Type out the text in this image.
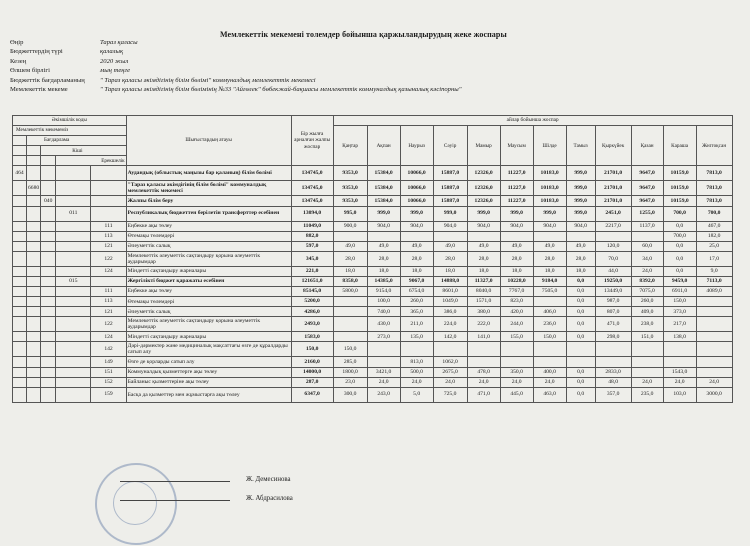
Мемлекеттік мекемені толемдер бойынша қаржыландырудың жеке жоспары
Өңір	Тараз қаласы
Бюджеттердің түрі	қалалық
Кезең	2020 жыл
Өлшем бірлігі	мың теңге
Бюджеттік бағдарламаның	" Тараз қаласы әкімдігінің білім бөлімі" коммуналдық мемлекеттік мекемесі
Мемлекеттік мекеме	" Тараз қаласы әкімдігінің білім бөлімінің №33 "Айгөлек" бөбекжай-бақшасы мемлекеттік коммуналдық қазыналық кәсіпорны"
Әкімшілік коды					Шығыстардың атауы	Бір жылға арналған жалпы жоспар	айлар бойынша жоспар											
Мемлекеттік мекемеміз							Қаңтар	Ақпан	Наурыз	Сәуір	Мамыр	Маусым	Шілде	Тамыз	Қыркүйек	Қазан	Караша	Желтоқсан
	Бағдарлама																	
		Кіші																
			Ерекшелік															
464					Аудандық (облыстық маңызы бар қаланың) білім бөлімі	134745,0	9353,0	15384,0	10066,0	15887,0	12326,0	11227,0	10183,0	999,0	21701,0	9647,0	10159,0	7813,0
	6680				"Тараз қаласы әкімдігінің білім бөлімі" коммуналдық мемлекеттік мекемесі	134745,0	9353,0	15384,0	10066,0	15887,0	12326,0	11227,0	10183,0	999,0	21701,0	9647,0	10159,0	7813,0
		040			Жалпы білім беру	134745,0	9353,0	15384,0	10066,0	15887,0	12326,0	11227,0	10183,0	999,0	21701,0	9647,0	10159,0	7813,0
			011		Республикалық бюджеттен берілетін трансферттер есебінен	13094,0	995,0	999,0	999,0	999,0	999,0	999,0	999,0	999,0	2451,0	1255,0	700,0	700,0
				111	Еңбекке ақы төлеу	11049,0	900,0	904,0	904,0	904,0	904,0	904,0	904,0	904,0	2217,0	1137,0	0,0	467,0
				113	Өтемақы төлемдері	882,0											700,0	182,0
				121	Әлеуметтік салық	597,0	49,0	49,0	49,0	49,0	49,0	49,0	49,0	49,0	120,0	60,0	0,0	25,0
				122	Мемлекеттік әлеуметтік сақтандыру қорына әлеуметтік аударымдар	345,0	28,0	28,0	28,0	28,0	28,0	28,0	28,0	28,0	70,0	34,0	0,0	17,0
				124	Міндетті сақтандыру жарналары	221,0	18,0	18,0	18,0	18,0	18,0	18,0	18,0	18,0	44,0	24,0	0,0	9,0
			015		Жергілікті бюджет қаражаты есебінен	121651,0	8358,0	14385,0	9067,0	14888,0	11327,0	10228,0	9184,0	0,0	19250,0	8392,0	9459,0	7113,0
				111	Еңбекке ақы төлеу	85145,0	5800,0	9154,0	6754,0	8601,0	8040,0	7767,0	7505,0	0,0	13449,0	7075,0	6911,0	4089,0
				113	Өтемақы төлемдері	5200,0		100,0	260,0	1049,0	1571,0	823,0		0,0	987,0	260,0	150,0	
				121	Әлеуметтік салық	4286,0		740,0	365,0	386,0	380,0	420,0	406,0	0,0	807,0	409,0	373,0	
				122	Мемлекеттік әлеуметтік сақтандыру қорына әлеуметтік аударымдар	2493,0		430,0	211,0	224,0	222,0	244,0	236,0	0,0	471,0	238,0	217,0	
				124	Міндетті сақтандыру жарналары	1583,0		273,0	135,0	142,0	141,0	155,0	150,0	0,0	298,0	151,0	138,0	
				142	Дәрі-дәрмектер және медициналық мақсаттағы өзге де құралдарды сатып алу	150,0	150,0											
				149	Өзге де қорларды сатып алу	2160,0	285,0		813,0	1062,0								
				151	Коммуналдық қызметтерге ақы төлеу	14000,0	1800,0	3421,0	500,0	2675,0	478,0	350,0	400,0	0,0	2833,0		1543,0	
				152	Байланыс қызметтеріне ақы төлеу	287,0	23,0	24,0	24,0	24,0	24,0	24,0	24,0	0,0	48,0	24,0	24,0	24,0
				159	Басқа да қызметтер мен жұмыстарға ақы төлеу	6347,0	300,0	243,0	5,0	725,0	471,0	445,0	463,0	0,0	357,0	235,0	103,0	3000,0
Ж. Демесинова
Ж. Абдрасилова
